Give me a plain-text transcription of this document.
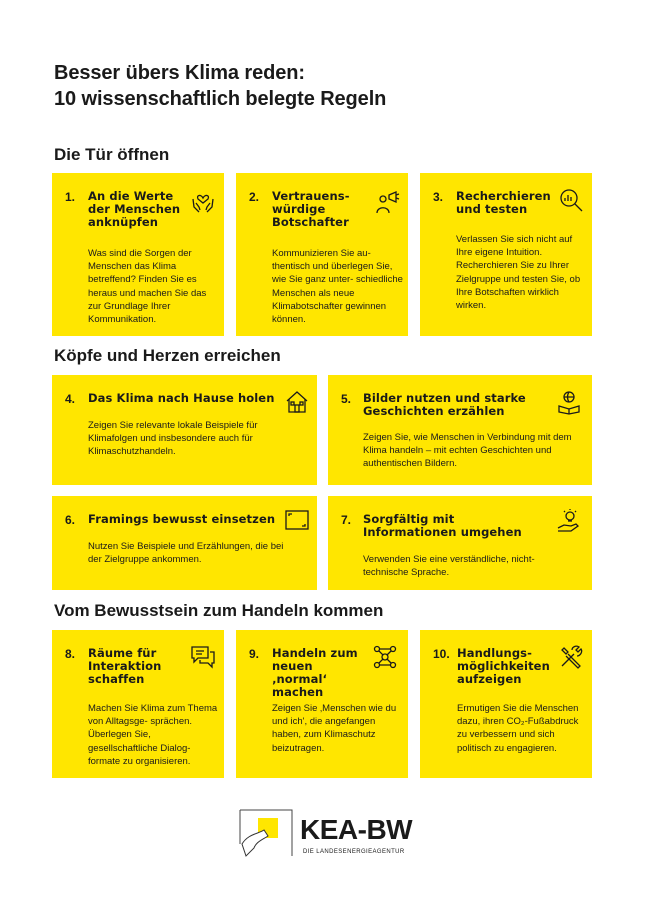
Besser übers Klima reden:
10 wissenschaftlich belegte Regeln
Die Tür öffnen
1. An die Werte der Menschen anknüpfen
Was sind die Sorgen der Menschen das Klima betreffend? Finden Sie es heraus und machen Sie das zur Grundlage Ihrer Kommunikation.
2. Vertrauens- würdige Botschafter
Kommunizieren Sie au- thentisch und überlegen Sie, wie Sie ganz unter- schiedliche Menschen als neue Klimabotschafter gewinnen können.
3. Recherchieren und testen
Verlassen Sie sich nicht auf Ihre eigene Intuition. Recherchieren Sie zu Ihrer Zielgruppe und testen Sie, ob Ihre Botschaften wirklich wirken.
Köpfe und Herzen erreichen
4. Das Klima nach Hause holen
Zeigen Sie relevante lokale Beispiele für Klimafolgen und insbesondere auch für Klimaschutzhandeln.
5. Bilder nutzen und starke Geschichten erzählen
Zeigen Sie, wie Menschen in Verbindung mit dem Klima handeln – mit echten Geschichten und authentischen Bildern.
6. Framings bewusst einsetzen
Nutzen Sie Beispiele und Erzählungen, die bei der Zielgruppe ankommen.
7. Sorgfältig mit Informationen umgehen
Verwenden Sie eine verständliche, nicht-technische Sprache.
Vom Bewusstsein zum Handeln kommen
8. Räume für Interaktion schaffen
Machen Sie Klima zum Thema von Alltagsge- sprächen. Überlegen Sie, gesellschaftliche Dialog- formate zu organisieren.
9. Handeln zum neuen ‚normal‘ machen
Zeigen Sie ‚Menschen wie du und ich', die angefangen haben, zum Klimaschutz beizutragen.
10. Handlungs- möglichkeiten aufzeigen
Ermutigen Sie die Menschen dazu, ihren CO₂-Fußabdruck zu verbessern und sich politisch zu engagieren.
KEA-BW
DIE LANDESENERGIEAGENTUR
